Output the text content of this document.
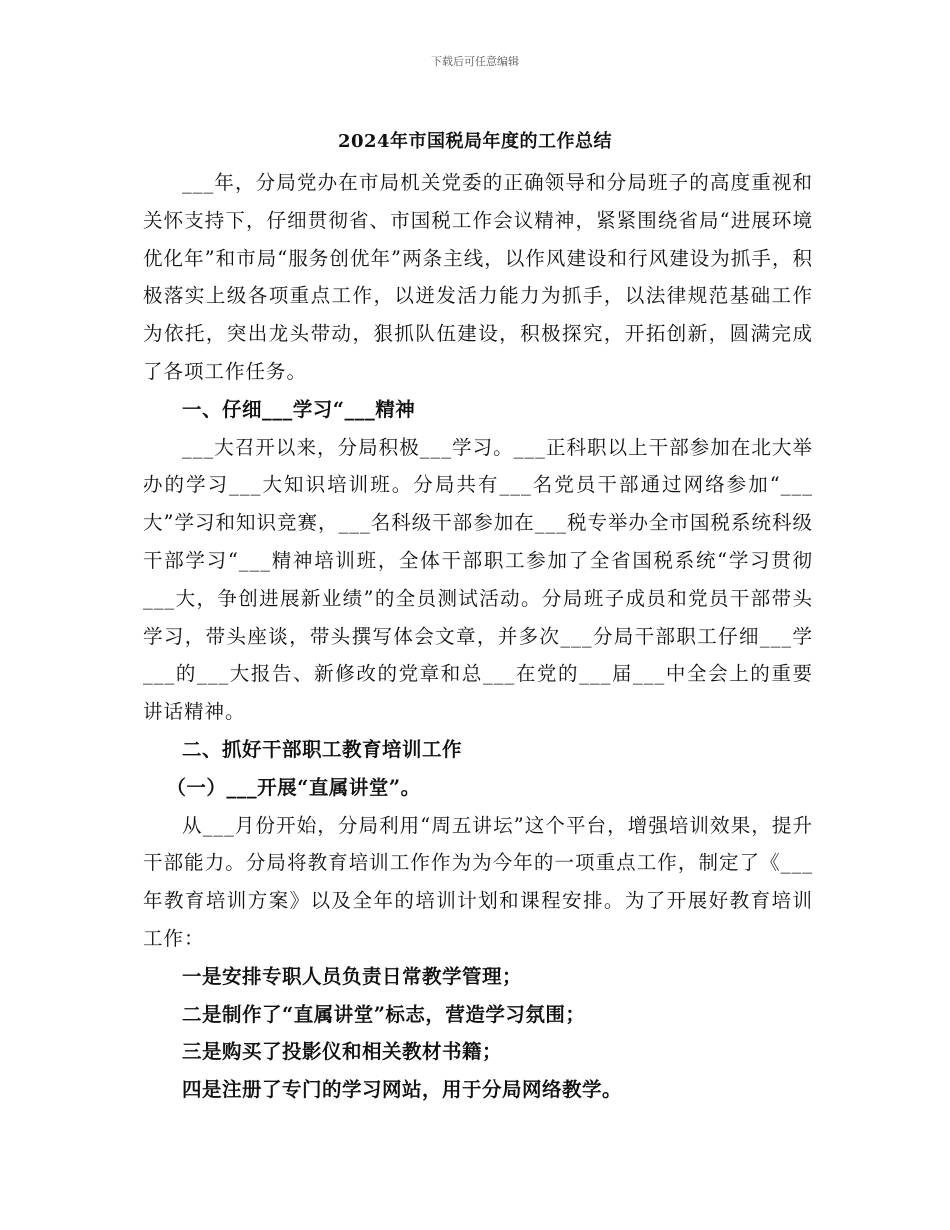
下载后可任意编辑
2024年市国税局年度的工作总结

___年，分局党办在市局机关党委的正确领导和分局班子的高度重视和关怀支持下，仔细贯彻省、市国税工作会议精神，紧紧围绕省局“进展环境优化年”和市局“服务创优年”两条主线，以作风建设和行风建设为抓手，积极落实上级各项重点工作，以迸发活力能力为抓手，以法律规范基础工作为依托，突出龙头带动，狠抓队伍建设，积极探究，开拓创新，圆满完成了各项工作任务。

一、仔细___学习“___精神

___大召开以来，分局积极___学习。___正科职以上干部参加在北大举办的学习___大知识培训班。分局共有___名党员干部通过网络参加“___大”学习和知识竞赛，___名科级干部参加在___税专举办全市国税系统科级干部学习“___精神培训班，全体干部职工参加了全省国税系统“学习贯彻___大，争创进展新业绩”的全员测试活动。分局班子成员和党员干部带头学习，带头座谈，带头撰写体会文章，并多次___分局干部职工仔细___学___的___大报告、新修改的党章和总___在党的___届___中全会上的重要讲话精神。

二、抓好干部职工教育培训工作

（一）___开展“直属讲堂”。

从___月份开始，分局利用“周五讲坛”这个平台，增强培训效果，提升干部能力。分局将教育培训工作作为为今年的一项重点工作，制定了《___年教育培训方案》以及全年的培训计划和课程安排。为了开展好教育培训工作：

一是安排专职人员负责日常教学管理；

二是制作了“直属讲堂”标志，营造学习氛围；

三是购买了投影仪和相关教材书籍；

四是注册了专门的学习网站，用于分局网络教学。
